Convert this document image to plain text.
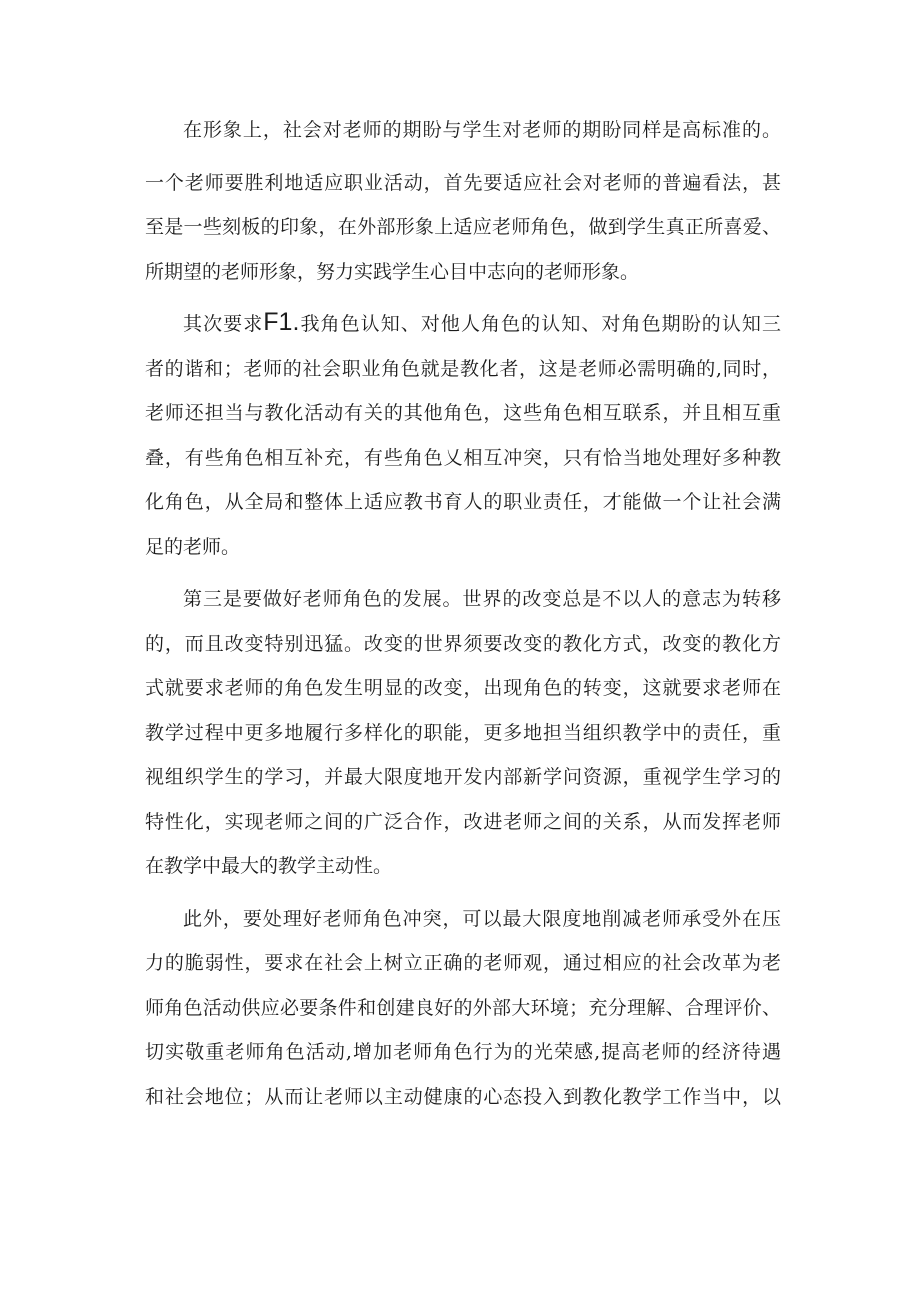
在形象上，社会对老师的期盼与学生对老师的期盼同样是高标准的。
一个老师要胜利地适应职业活动，首先要适应社会对老师的普遍看法，甚
至是一些刻板的印象，在外部形象上适应老师角色，做到学生真正所喜爱、
所期望的老师形象，努力实践学生心目中志向的老师形象。
其次要求F1.我角色认知、对他人角色的认知、对角色期盼的认知三
者的谐和；老师的社会职业角色就是教化者，这是老师必需明确的,同时，
老师还担当与教化活动有关的其他角色，这些角色相互联系，并且相互重
叠，有些角色相互补充，有些角色乂相互冲突，只有恰当地处理好多种教
化角色，从全局和整体上适应教书育人的职业责任，才能做一个让社会满
足的老师。
第三是要做好老师角色的发展。世界的改变总是不以人的意志为转移
的，而且改变特别迅猛。改变的世界须要改变的教化方式，改变的教化方
式就要求老师的角色发生明显的改变，出现角色的转变，这就要求老师在
教学过程中更多地履行多样化的职能，更多地担当组织教学中的责任，重
视组织学生的学习，并最大限度地开发内部新学问资源，重视学生学习的
特性化，实现老师之间的广泛合作，改进老师之间的关系，从而发挥老师
在教学中最大的教学主动性。
此外，要处理好老师角色冲突，可以最大限度地削减老师承受外在压
力的脆弱性，要求在社会上树立正确的老师观，通过相应的社会改革为老
师角色活动供应必要条件和创建良好的外部大环境；充分理解、合理评价、
切实敬重老师角色活动,增加老师角色行为的光荣感,提高老师的经济待遇
和社会地位；从而让老师以主动健康的心态投入到教化教学工作当中，以
